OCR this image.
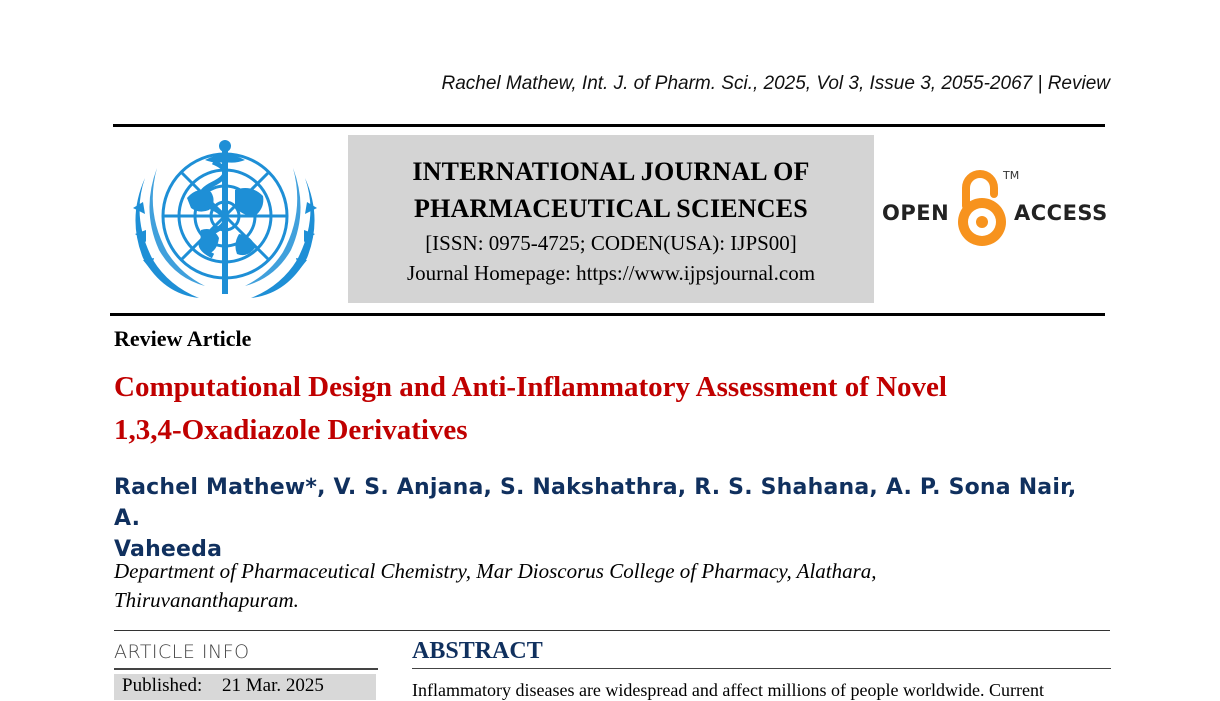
Rachel Mathew, Int. J. of Pharm. Sci., 2025, Vol 3, Issue 3, 2055-2067 | Review
INTERNATIONAL JOURNAL OF
PHARMACEUTICAL SCIENCES
[ISSN: 0975-4725; CODEN(USA): IJPS00]
Journal Homepage: https://www.ijpsjournal.com
OPEN
TM
ACCESS
Review Article
Computational Design and Anti-Inflammatory Assessment of Novel
1,3,4-Oxadiazole Derivatives
Rachel Mathew*, V. S. Anjana, S. Nakshathra, R. S. Shahana, A. P. Sona Nair, A.
Vaheeda
Department of Pharmaceutical Chemistry, Mar Dioscorus College of Pharmacy, Alathara,
Thiruvananthapuram.
ARTICLE INFO
Published: 21 Mar. 2025
ABSTRACT
Inflammatory diseases are widespread and affect millions of people worldwide. Current
